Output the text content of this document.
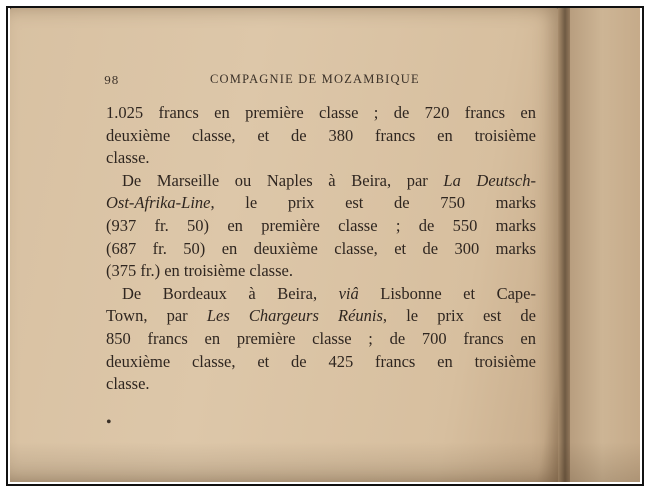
98	COMPAGNIE DE MOZAMBIQUE

1.025 francs en première classe ; de 720 francs en
deuxième classe, et de 380 francs en troisième
classe.

De Marseille ou Naples à Beira, par La Deutsch-
Ost-Afrika-Line, le prix est de 750 marks
(937 fr. 50) en première classe ; de 550 marks
(687 fr. 50) en deuxième classe, et de 300 marks
(375 fr.) en troisième classe.

De Bordeaux à Beira, viâ Lisbonne et Cape-
Town, par Les Chargeurs Réunis, le prix est de
850 francs en première classe ; de 700 francs en
deuxième classe, et de 425 francs en troisième
classe.

•
